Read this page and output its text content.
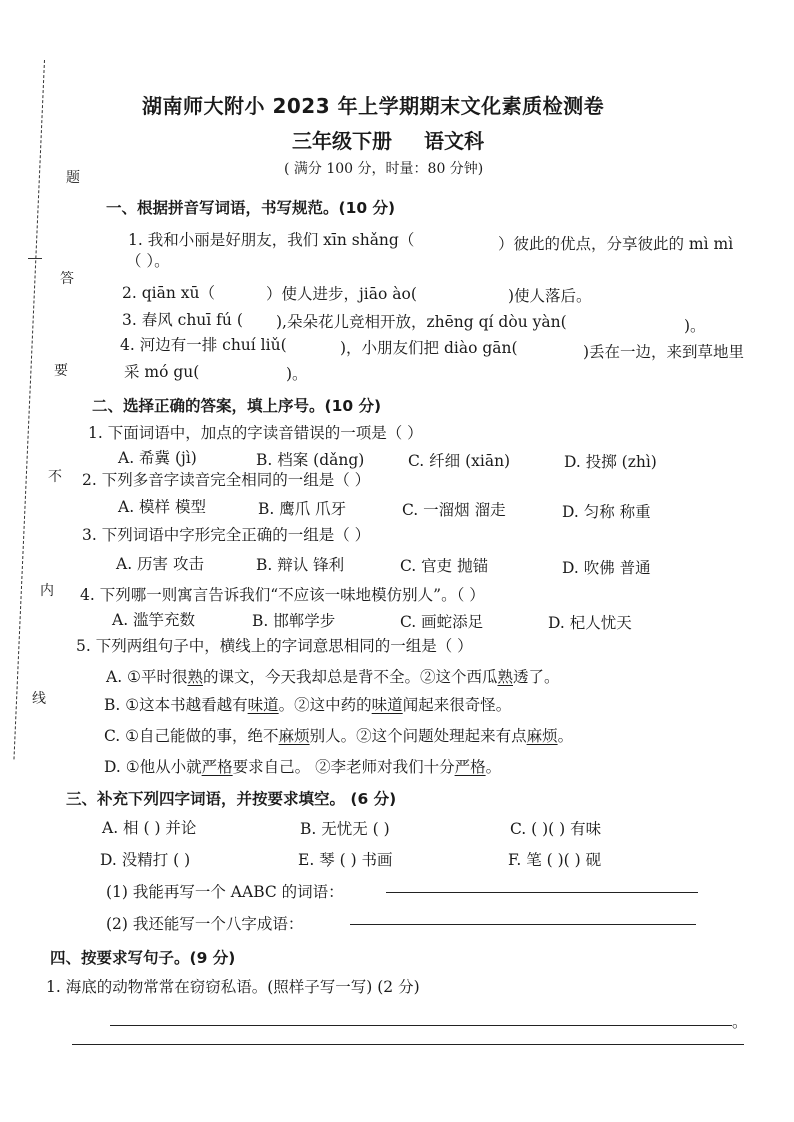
题
答
要
不
内
线
湖南师大附小 2023 年上学期期末文化素质检测卷
三年级下册 语文科
( 满分 100 分，时量：80 分钟)
一、根据拼音写词语，书写规范。(10 分)
1. 我和小丽是好朋友，我们 xīn shǎng（	）彼此的优点，分享彼此的 mì mì
（ ）。
2. qiān xū（	）使人进步，jiāo ào(	)使人落后。
3. 春风 chuī fú ( ),朵朵花儿竞相开放，zhēng qí dòu yàn(	)。
4. 河边有一排 chuí liǔ(	)，小朋友们把 diào gān(	)丢在一边，来到草地里
采 mó gu(	)。
二、选择正确的答案，填上序号。(10 分)
1. 下面词语中，加点的字读音错误的一项是（ ）
A. 希冀 (jì)	B. 档案 (dǎng)	C. 纤细 (xiān)	D. 投掷 (zhì)
2. 下列多音字读音完全相同的一组是（ ）
A. 模样 模型	B. 鹰爪 爪牙	C. 一溜烟 溜走	D. 匀称 称重
3. 下列词语中字形完全正确的一组是（ ）
A. 历害 攻击	B. 辩认 锋利	C. 官吏 抛锚	D. 吹佛 普通
4. 下列哪一则寓言告诉我们“不应该一味地模仿别人”。（ ）
A. 滥竽充数	B. 邯郸学步	C. 画蛇添足	D. 杞人忧天
5. 下列两组句子中，横线上的字词意思相同的一组是（ ）
A. ①平时很熟的课文，今天我却总是背不全。②这个西瓜熟透了。
B. ①这本书越看越有味道。②这中药的味道闻起来很奇怪。
C. ①自己能做的事，绝不麻烦别人。②这个问题处理起来有点麻烦。
D. ①他从小就严格要求自己。 ②李老师对我们十分严格。
三、补充下列四字词语，并按要求填空。 (6 分)
A. 相 ( ) 并论	B. 无忧无 ( )	C. ( )( ) 有味
D. 没精打 ( )	E. 琴 ( ) 书画	F. 笔 ( )( ) 砚
(1) 我能再写一个 AABC 的词语：
(2) 我还能写一个八字成语：
四、按要求写句子。(9 分)
1. 海底的动物常常在窃窃私语。(照样子写一写) (2 分)
。
